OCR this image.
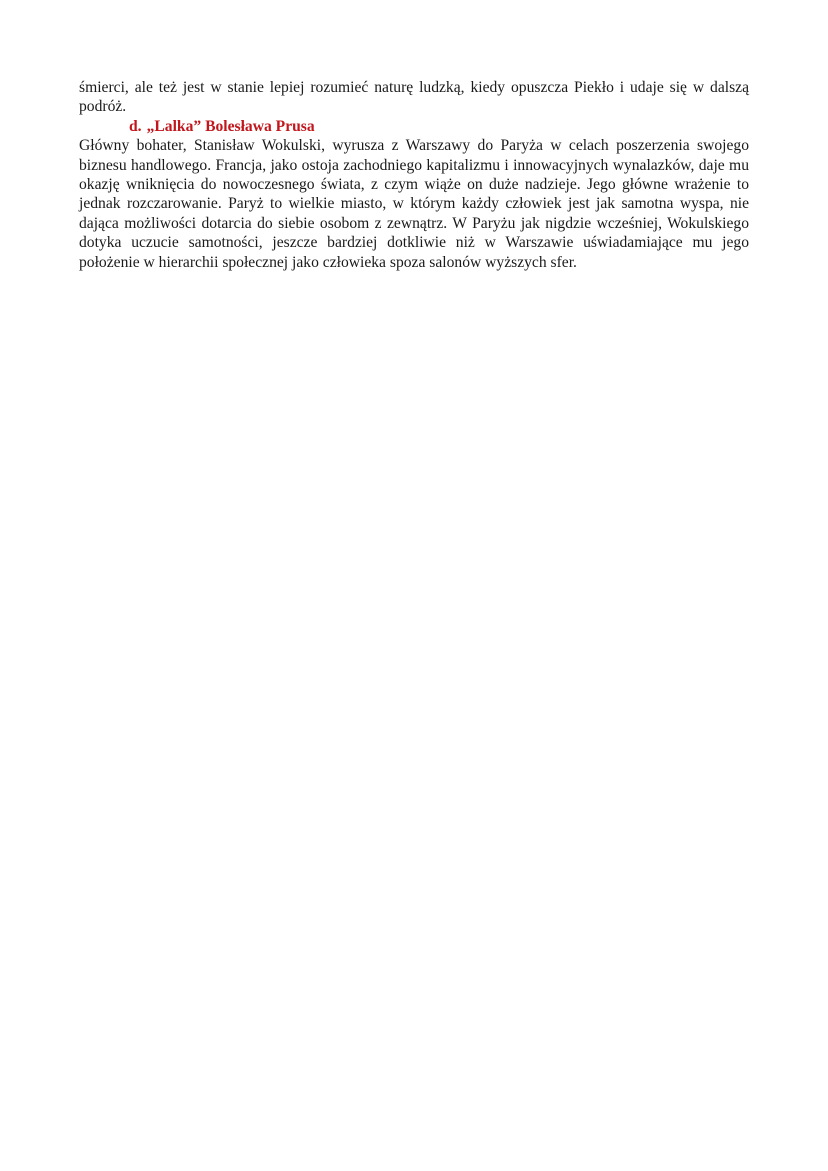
śmierci, ale też jest w stanie lepiej rozumieć naturę ludzką, kiedy opuszcza Piekło i udaje się w dalszą podróż.

d. „Lalka” Bolesława Prusa

Główny bohater, Stanisław Wokulski, wyrusza z Warszawy do Paryża w celach poszerzenia swojego biznesu handlowego. Francja, jako ostoja zachodniego kapitalizmu i innowacyjnych wynalazków, daje mu okazję wniknięcia do nowoczesnego świata, z czym wiąże on duże nadzieje. Jego główne wrażenie to jednak rozczarowanie. Paryż to wielkie miasto, w którym każdy człowiek jest jak samotna wyspa, nie dająca możliwości dotarcia do siebie osobom z zewnątrz. W Paryżu jak nigdzie wcześniej, Wokulskiego dotyka uczucie samotności, jeszcze bardziej dotkliwie niż w Warszawie uświadamiające mu jego położenie w hierarchii społecznej jako człowieka spoza salonów wyższych sfer.
